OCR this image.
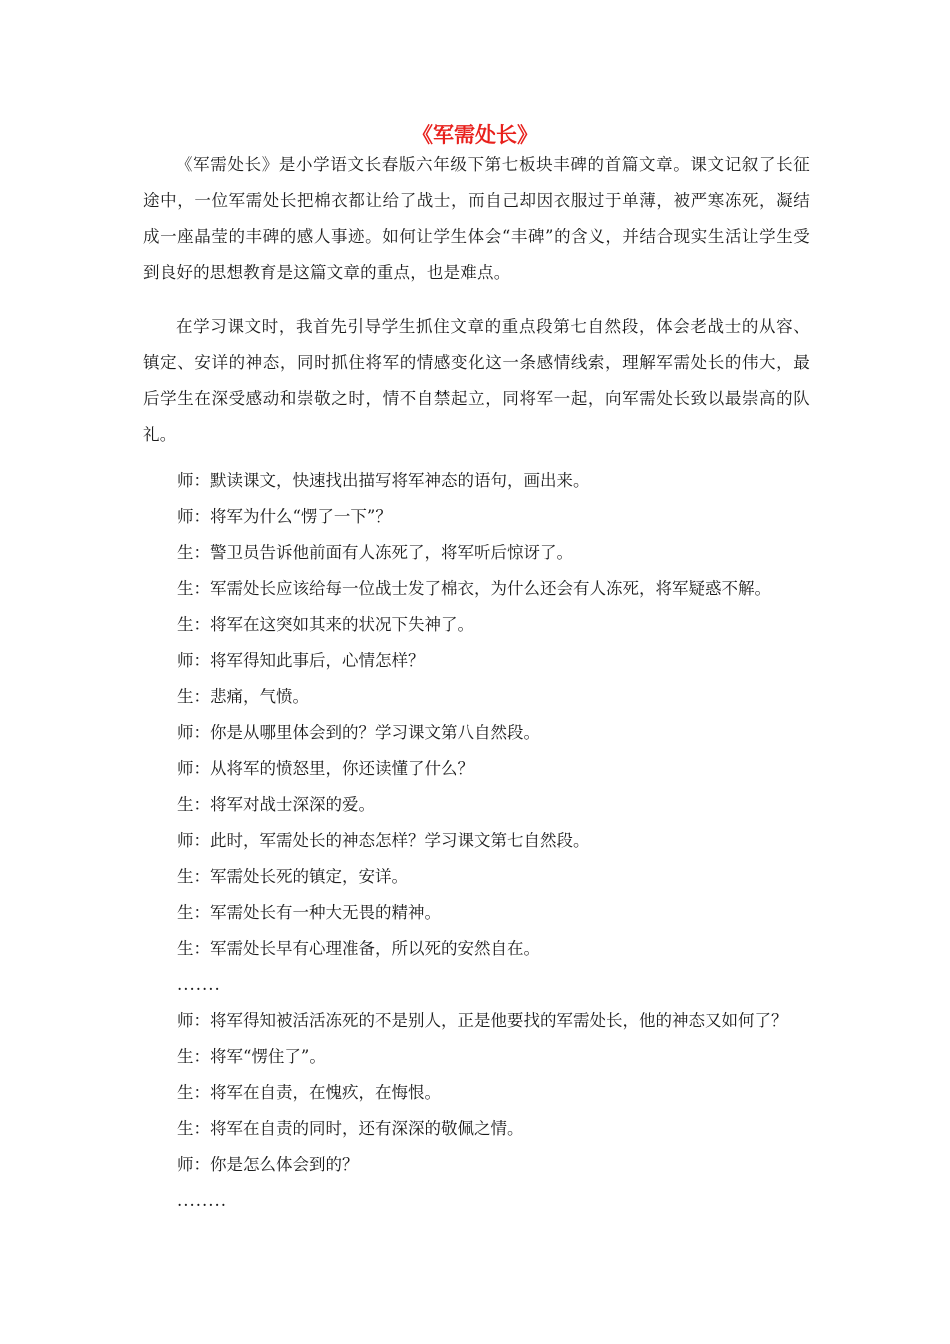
《军需处长》

《军需处长》是小学语文长春版六年级下第七板块丰碑的首篇文章。课文记叙了长征途中，一位军需处长把棉衣都让给了战士，而自己却因衣服过于单薄，被严寒冻死，凝结成一座晶莹的丰碑的感人事迹。如何让学生体会“丰碑”的含义，并结合现实生活让学生受到良好的思想教育是这篇文章的重点，也是难点。

在学习课文时，我首先引导学生抓住文章的重点段第七自然段，体会老战士的从容、镇定、安详的神态，同时抓住将军的情感变化这一条感情线索，理解军需处长的伟大，最后学生在深受感动和崇敬之时，情不自禁起立，同将军一起，向军需处长致以最崇高的队礼。

师：默读课文，快速找出描写将军神态的语句，画出来。

师：将军为什么“愣了一下”？

生：警卫员告诉他前面有人冻死了，将军听后惊讶了。

生：军需处长应该给每一位战士发了棉衣，为什么还会有人冻死，将军疑惑不解。

生：将军在这突如其来的状况下失神了。

师：将军得知此事后，心情怎样？

生：悲痛，气愤。

师：你是从哪里体会到的？学习课文第八自然段。

师：从将军的愤怒里，你还读懂了什么？

生：将军对战士深深的爱。

师：此时，军需处长的神态怎样？学习课文第七自然段。

生：军需处长死的镇定，安详。

生：军需处长有一种大无畏的精神。

生：军需处长早有心理准备，所以死的安然自在。

.......

师：将军得知被活活冻死的不是别人，正是他要找的军需处长，他的神态又如何了？

生：将军“愣住了”。

生：将军在自责，在愧疚，在悔恨。

生：将军在自责的同时，还有深深的敬佩之情。

师：你是怎么体会到的？

........
